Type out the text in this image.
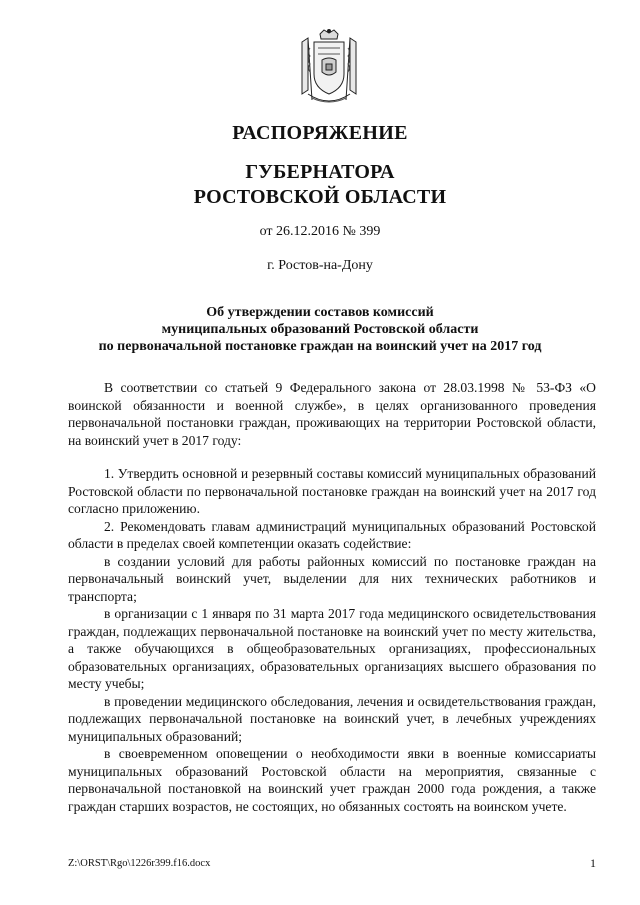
РАСПОРЯЖЕНИЕ
ГУБЕРНАТОРА
РОСТОВСКОЙ ОБЛАСТИ
от 26.12.2016 № 399
г. Ростов-на-Дону
Об утверждении составов комиссий
муниципальных образований Ростовской области
по первоначальной постановке граждан на воинский учет на 2017 год

В соответствии со статьей 9 Федерального закона от 28.03.1998 № 53-ФЗ «О воинской обязанности и военной службе», в целях организованного проведения первоначальной постановки граждан, проживающих на территории Ростовской области, на воинский учет в 2017 году:

1. Утвердить основной и резервный составы комиссий муниципальных образований Ростовской области по первоначальной постановке граждан на воинский учет на 2017 год согласно приложению.

2. Рекомендовать главам администраций муниципальных образований Ростовской области в пределах своей компетенции оказать содействие:

в создании условий для работы районных комиссий по постановке граждан на первоначальный воинский учет, выделении для них технических работников и транспорта;

в организации с 1 января по 31 марта 2017 года медицинского освидетельствования граждан, подлежащих первоначальной постановке на воинский учет по месту жительства, а также обучающихся в общеобразовательных организациях, профессиональных образовательных организациях, образовательных организациях высшего образования по месту учебы;

в проведении медицинского обследования, лечения и освидетельствования граждан, подлежащих первоначальной постановке на воинский учет, в лечебных учреждениях муниципальных образований;

в своевременном оповещении о необходимости явки в военные комиссариаты муниципальных образований Ростовской области на мероприятия, связанные с первоначальной постановкой на воинский учет граждан 2000 года рождения, а также граждан старших возрастов, не состоящих, но обязанных состоять на воинском учете.

Z:\ORST\Rgo\1226r399.f16.docx	1
